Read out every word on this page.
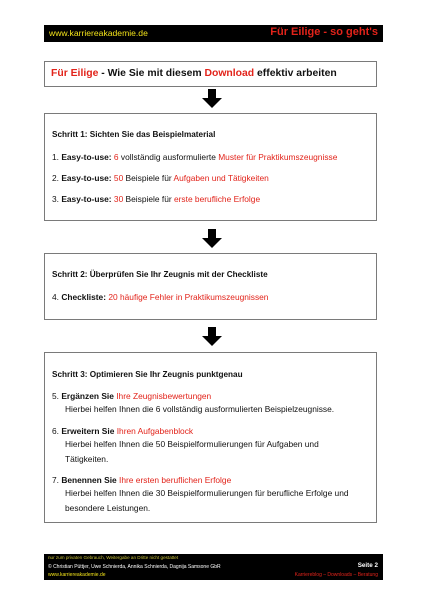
www.karriereakademie.de	Für Eilige - so geht's
Für Eilige - Wie Sie mit diesem Download effektiv arbeiten
Schritt 1: Sichten Sie das Beispielmaterial
1. Easy-to-use: 6 vollständig ausformulierte Muster für Praktikumszeugnisse
2. Easy-to-use: 50 Beispiele für Aufgaben und Tätigkeiten
3. Easy-to-use: 30 Beispiele für erste berufliche Erfolge
Schritt 2: Überprüfen Sie Ihr Zeugnis mit der Checkliste
4. Checkliste: 20 häufige Fehler in Praktikumszeugnissen
Schritt 3: Optimieren Sie Ihr Zeugnis punktgenau
5. Ergänzen Sie Ihre Zeugnisbewertungen
Hierbei helfen Ihnen die 6 vollständig ausformulierten Beispielzeugnisse.
6. Erweitern Sie Ihren Aufgabenblock
Hierbei helfen Ihnen die 50 Beispielformulierungen für Aufgaben und Tätigkeiten.
7. Benennen Sie Ihre ersten beruflichen Erfolge
Hierbei helfen Ihnen die 30 Beispielformulierungen für berufliche Erfolge und besondere Leistungen.
nur zum privaten Gebrauch, Weitergabe an Dritte nicht gestattet
© Christian Püttjer, Uwe Schnierda, Annika Schnierda, Dagnija Samsone GbR
www.karriereakademie.de
Seite 2
Karriereblog – Downloads – Beratung
